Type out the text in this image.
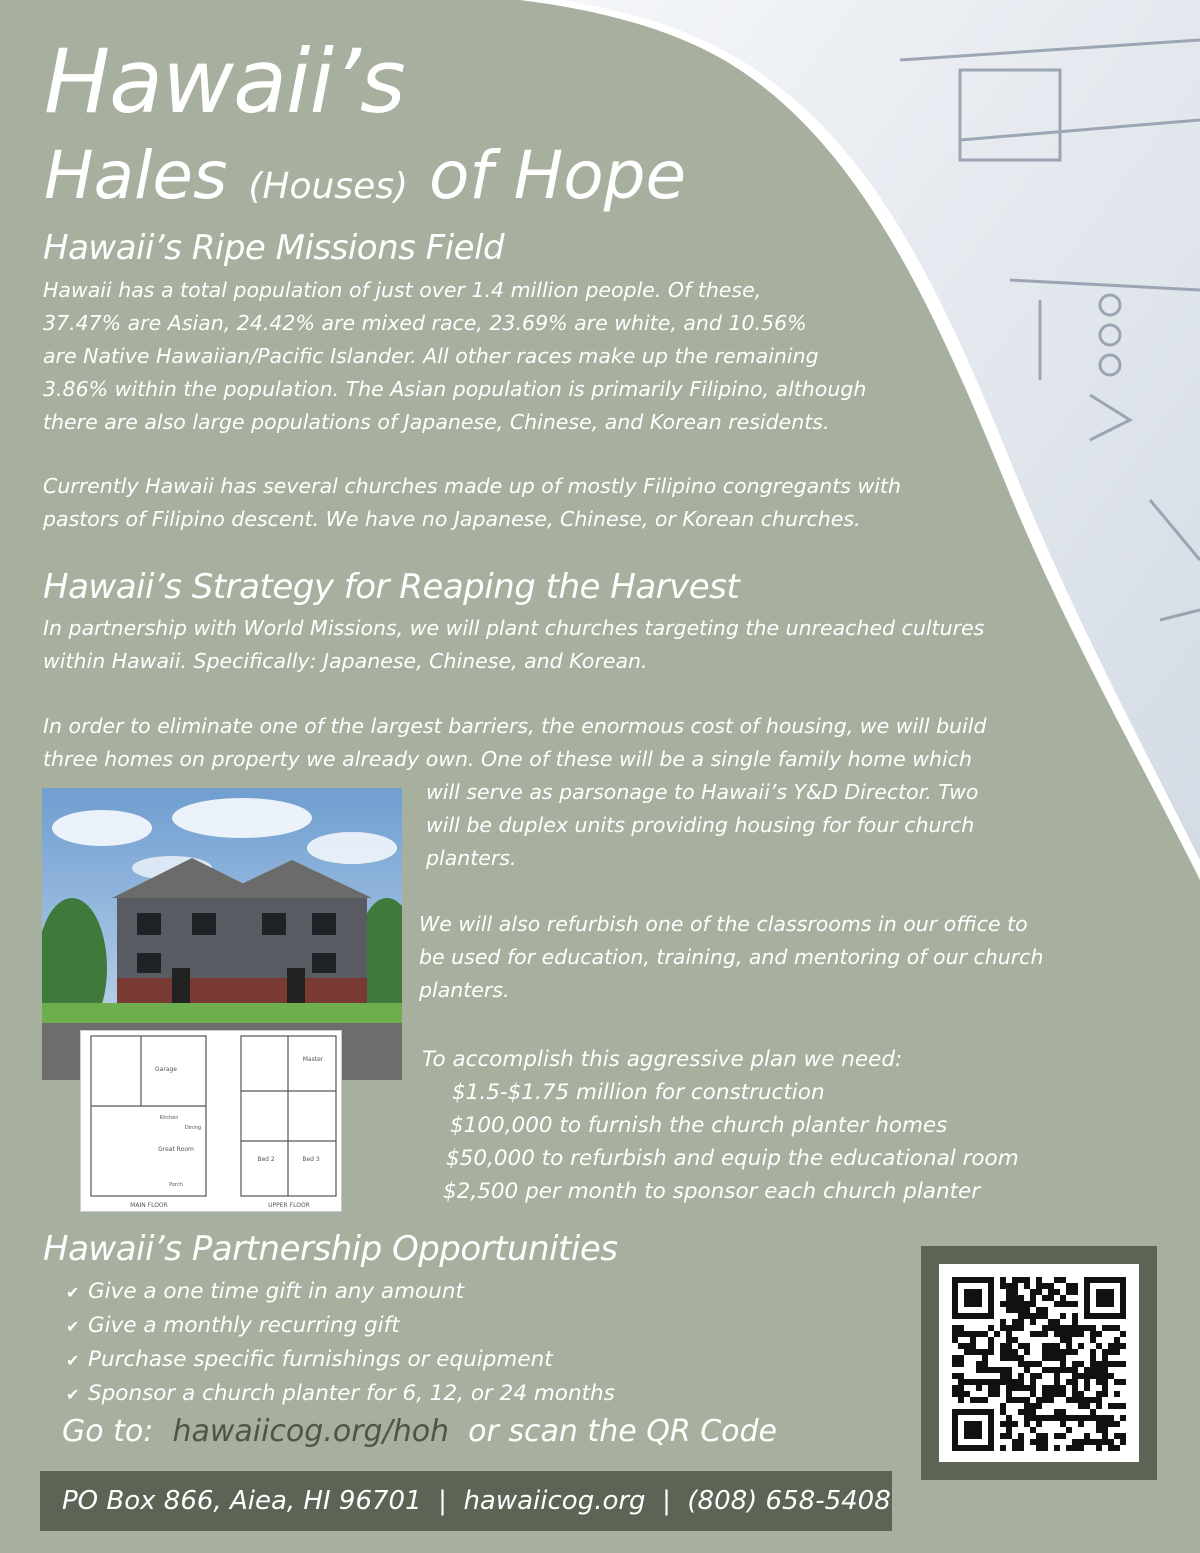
Hawaii’s
Hales (Houses) of Hope
Hawaii’s Ripe Missions Field

Hawaii has a total population of just over 1.4 million people. Of these,
37.47% are Asian, 24.42% are mixed race, 23.69% are white, and 10.56%
are Native Hawaiian/Pacific Islander. All other races make up the remaining
3.86% within the population. The Asian population is primarily Filipino, although
there are also large populations of Japanese, Chinese, and Korean residents.

Currently Hawaii has several churches made up of mostly Filipino congregants with
pastors of Filipino descent. We have no Japanese, Chinese, or Korean churches.

Hawaii’s Strategy for Reaping the Harvest

In partnership with World Missions, we will plant churches targeting the unreached cultures
within Hawaii. Specifically: Japanese, Chinese, and Korean.

In order to eliminate one of the largest barriers, the enormous cost of housing, we will build
three homes on property we already own. One of these will be a single family home which

will serve as parsonage to Hawaii’s Y&D Director. Two
will be duplex units providing housing for four church
planters.

We will also refurbish one of the classrooms in our office to
be used for education, training, and mentoring of our church
planters.

Garage
Great Room
Dining
Kitchen
Porch
Master
Bed 3
Bed 2
MAIN FLOOR	UPPER FLOOR
To accomplish this aggressive plan we need:
$1.5-$1.75 million for construction
$100,000 to furnish the church planter homes
$50,000 to refurbish and equip the educational room
$2,500 per month to sponsor each church planter
Hawaii’s Partnership Opportunities
✔ Give a one time gift in any amount
✔ Give a monthly recurring gift
✔ Purchase specific furnishings or equipment
✔ Sponsor a church planter for 6, 12, or 24 months
Go to:  hawaiicog.org/hoh  or scan the QR Code
PO Box 866, Aiea, HI 96701  |  hawaiicog.org  |  (808) 658-5408
